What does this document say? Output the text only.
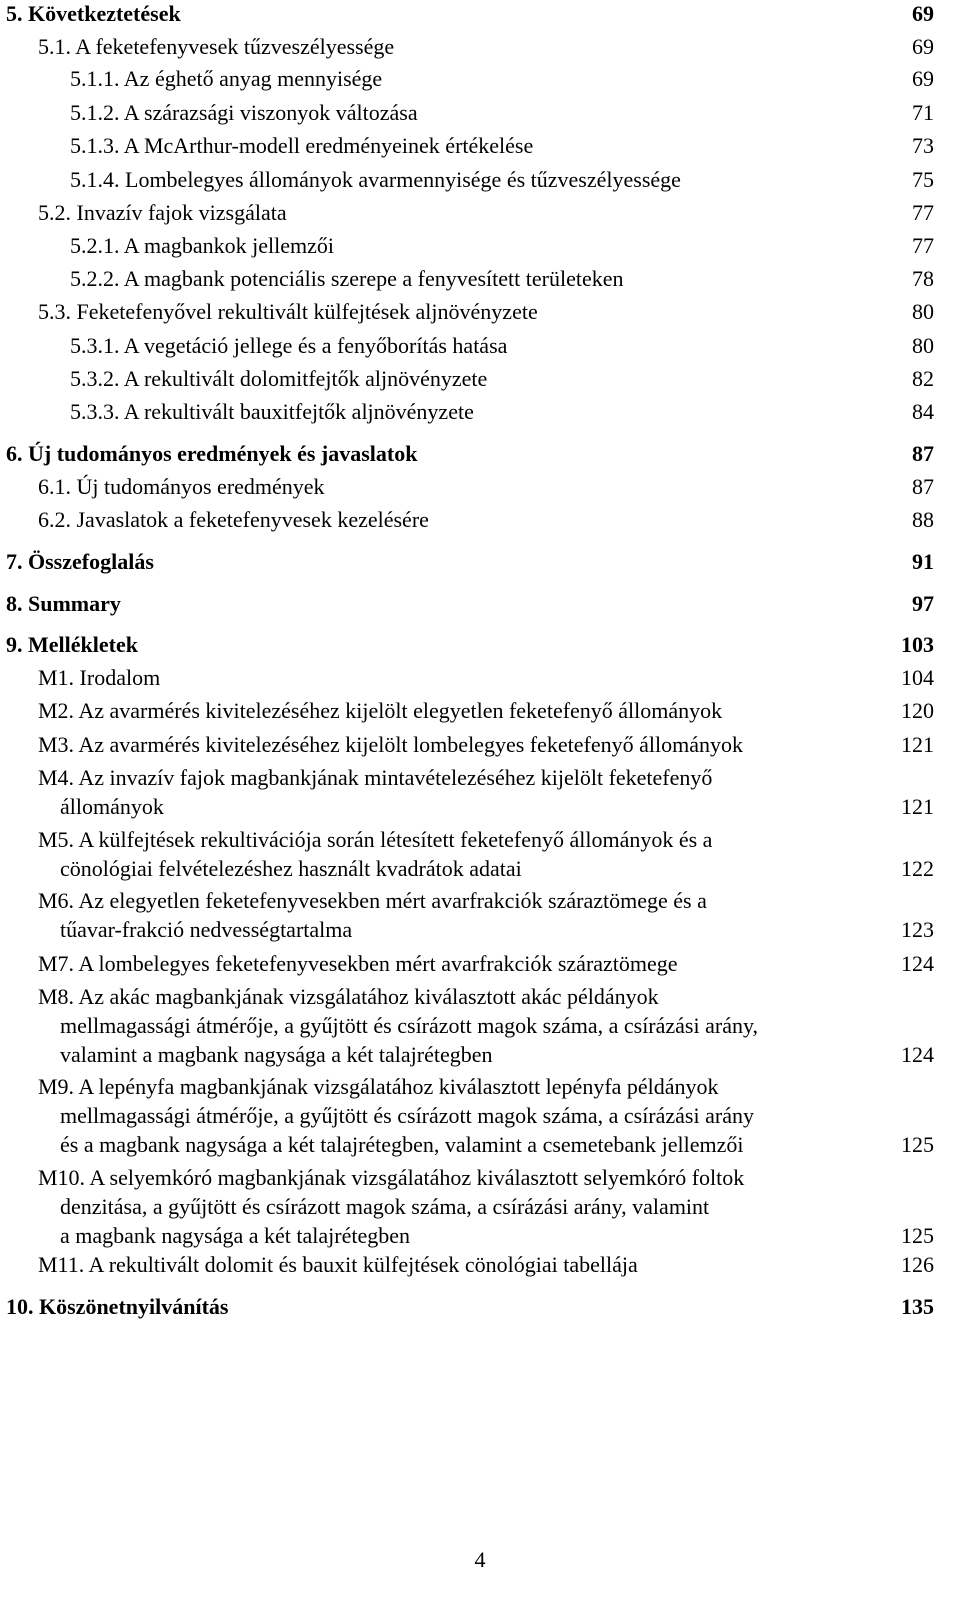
5. Következtetések	69
5.1. A feketefenyvesek tűzveszélyessége	69
5.1.1. Az éghető anyag mennyisége	69
5.1.2. A szárazsági viszonyok változása	71
5.1.3. A McArthur-modell eredményeinek értékelése	73
5.1.4. Lombelegyes állományok avarmennyisége és tűzveszélyessége	75
5.2. Invazív fajok vizsgálata	77
5.2.1. A magbankok jellemzői	77
5.2.2. A magbank potenciális szerepe a fenyvesített területeken	78
5.3. Feketefenyővel rekultivált külfejtések aljnövényzete	80
5.3.1. A vegetáció jellege és a fenyőborítás hatása	80
5.3.2. A rekultivált dolomitfejtők aljnövényzete	82
5.3.3. A rekultivált bauxitfejtők aljnövényzete	84
6. Új tudományos eredmények és javaslatok	87
6.1. Új tudományos eredmények	87
6.2. Javaslatok a feketefenyvesek kezelésére	88
7. Összefoglalás	91
8. Summary	97
9. Mellékletek	103
M1. Irodalom	104
M2. Az avarmérés kivitelezéséhez kijelölt elegyetlen feketefenyő állományok	120
M3. Az avarmérés kivitelezéséhez kijelölt lombelegyes feketefenyő állományok	121
M4. Az invazív fajok magbankjának mintavételezéséhez kijelölt feketefenyő
állományok	121
M5. A külfejtések rekultivációja során létesített feketefenyő állományok és a
cönológiai felvételezéshez használt kvadrátok adatai	122
M6. Az elegyetlen feketefenyvesekben mért avarfrakciók száraztömege és a
tűavar-frakció nedvességtartalma	123
M7. A lombelegyes feketefenyvesekben mért avarfrakciók száraztömege	124
M8. Az akác magbankjának vizsgálatához kiválasztott akác példányok
mellmagassági átmérője, a gyűjtött és csírázott magok száma, a csírázási arány,
valamint a magbank nagysága a két talajrétegben	124
M9. A lepényfa magbankjának vizsgálatához kiválasztott lepényfa példányok
mellmagassági átmérője, a gyűjtött és csírázott magok száma, a csírázási arány
és a magbank nagysága a két talajrétegben, valamint a csemetebank jellemzői	125
M10. A selyemkóró magbankjának vizsgálatához kiválasztott selyemkóró foltok
denzitása, a gyűjtött és csírázott magok száma, a csírázási arány, valamint
a magbank nagysága a két talajrétegben	125
M11. A rekultivált dolomit és bauxit külfejtések cönológiai tabellája	126
10. Köszönetnyilvánítás	135
4
